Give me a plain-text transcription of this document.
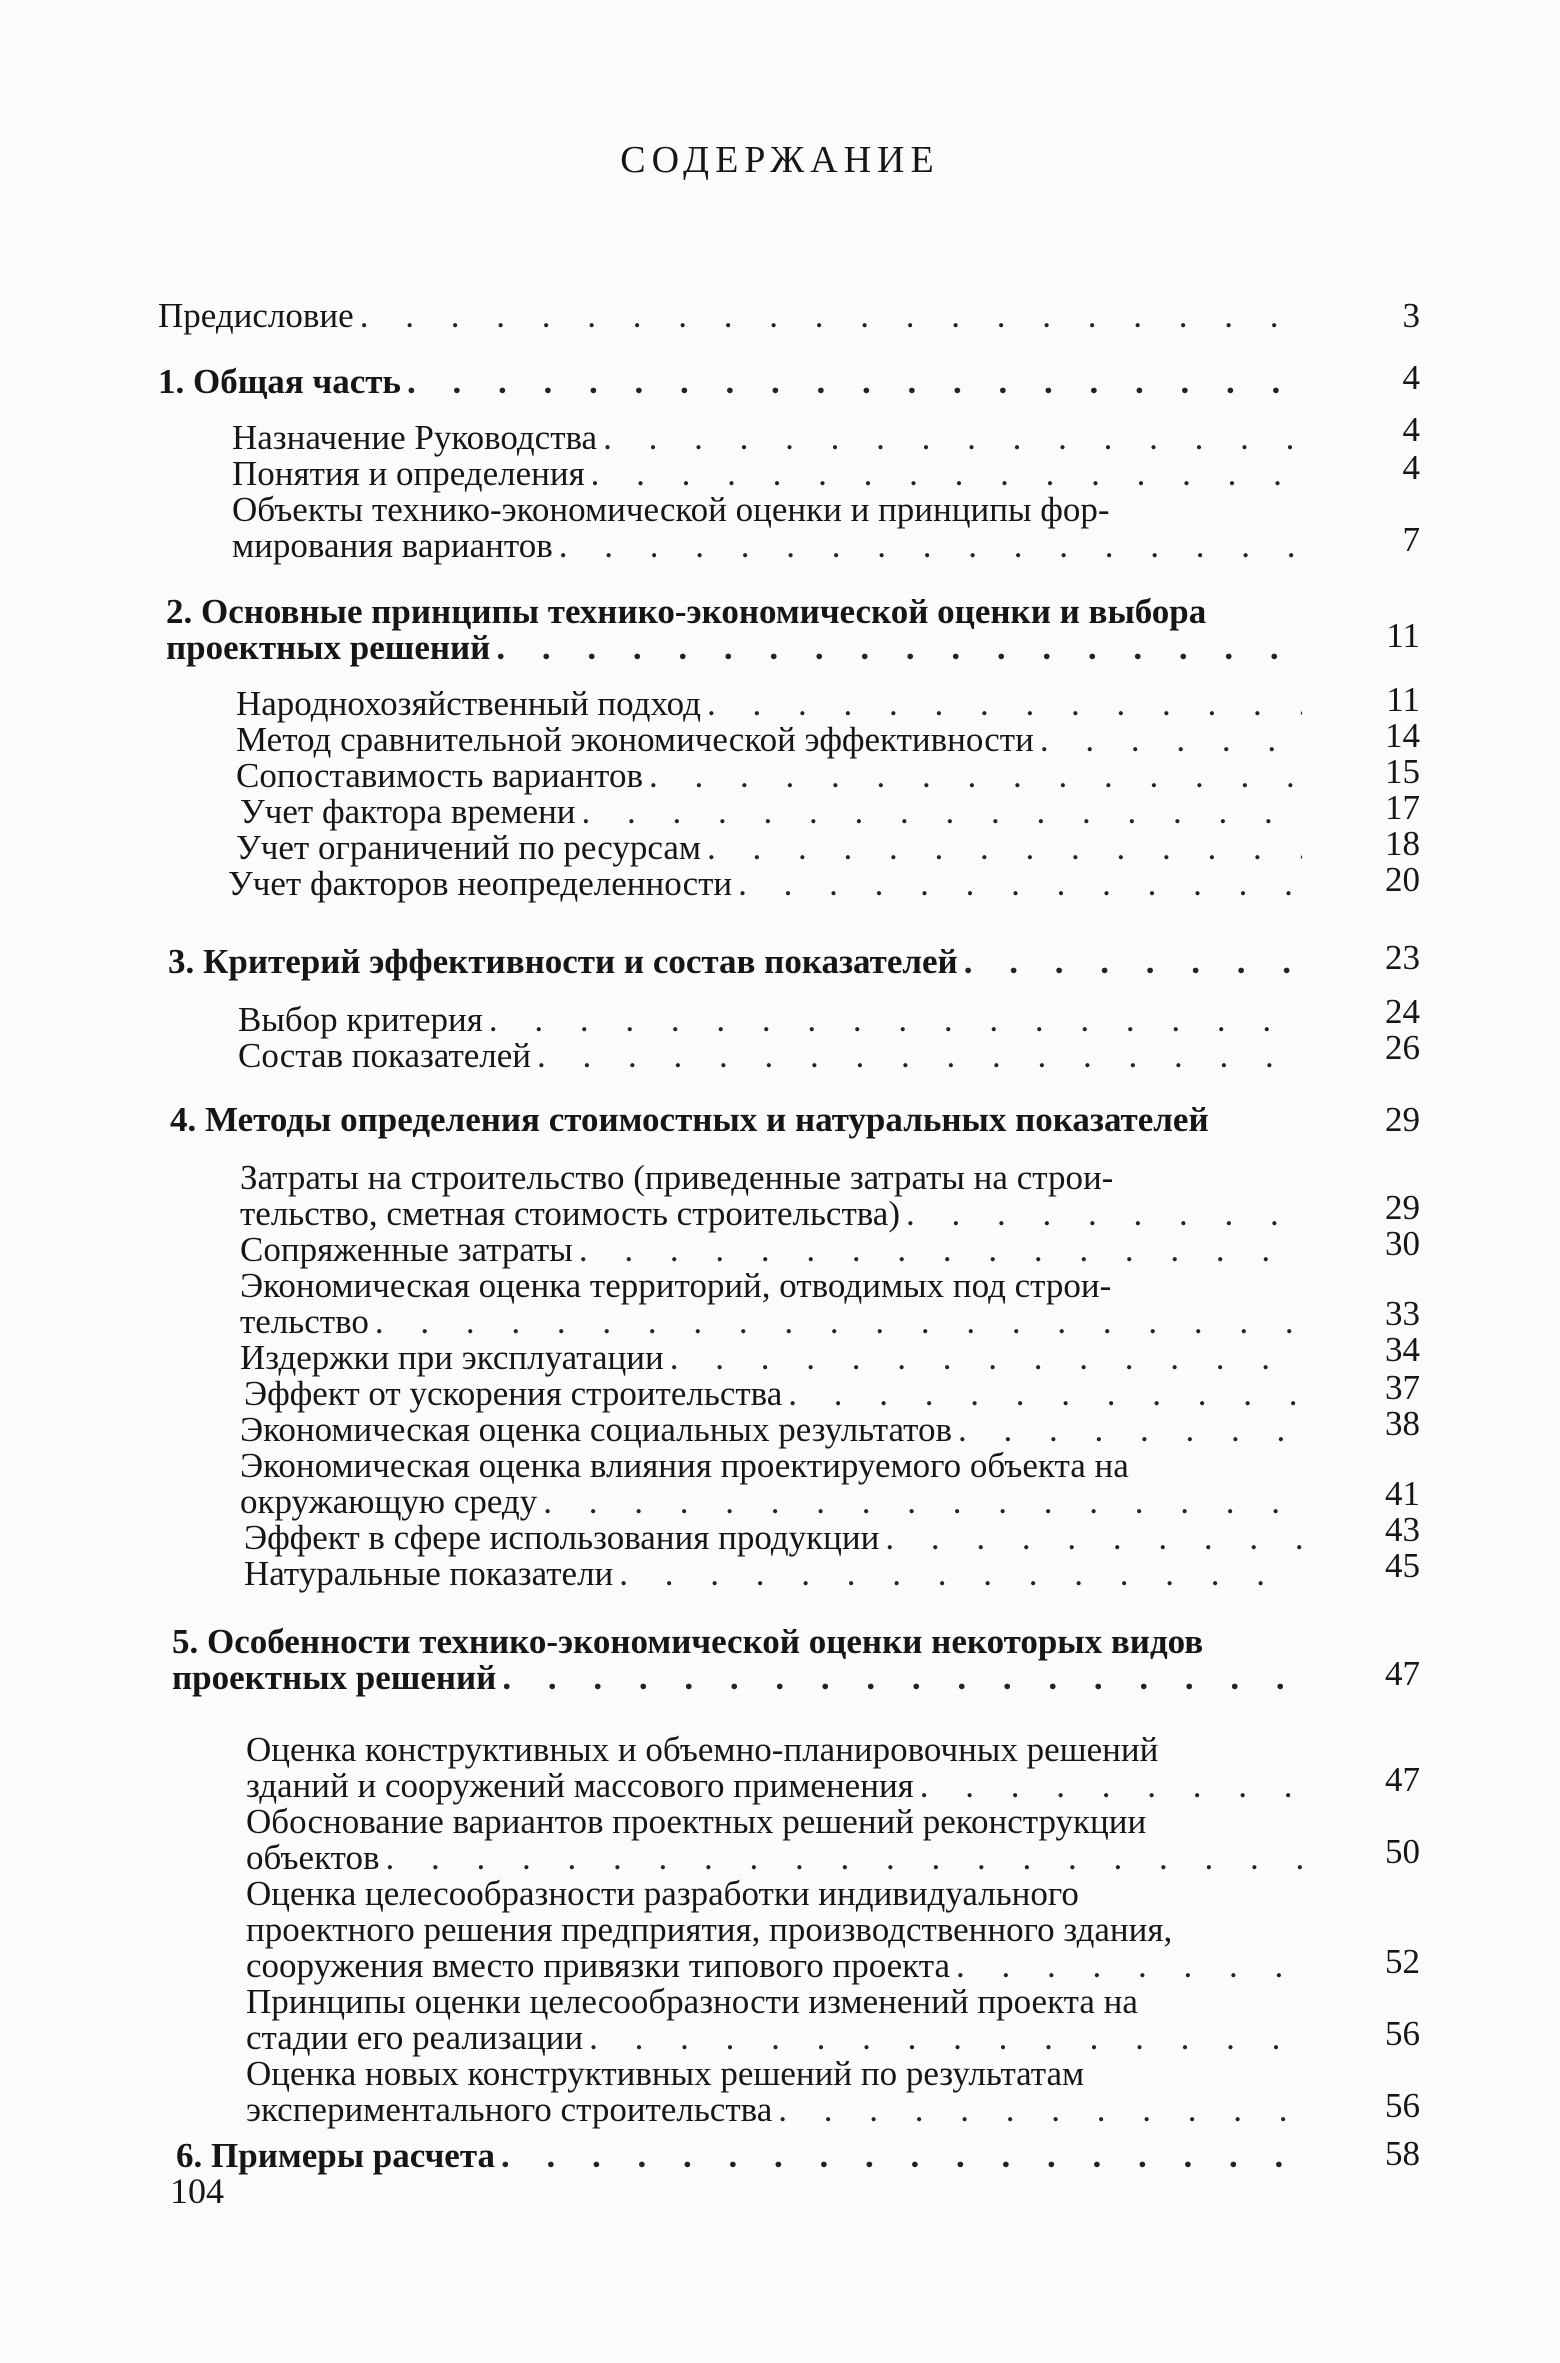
СОДЕРЖАНИЕ
Предисловие . . .	3
1. Общая часть . . .	4
Назначение Руководства . . .	4
Понятия и определения . . .	4
Объекты технико-экономической оценки и принципы фор-
мирования вариантов . . .	7
2. Основные принципы технико-экономической оценки и выбора
проектных решений . . .	11
Народнохозяйственный подход . . .	11
Метод сравнительной экономической эффективности . . .	14
Сопоставимость вариантов . . .	15
Учет фактора времени . . .	17
Учет ограничений по ресурсам . . .	18
Учет факторов неопределенности . . .	20
3. Критерий эффективности и состав показателей . . .	23
Выбор критерия . . .	24
Состав показателей . . .	26
4. Методы определения стоимостных и натуральных показателей	29
Затраты на строительство (приведенные затраты на строи-
тельство, сметная стоимость строительства) . . .	29
Сопряженные затраты . . .	30
Экономическая оценка территорий, отводимых под строи-
тельство . . .	33
Издержки при эксплуатации . . .	34
Эффект от ускорения строительства . . .	37
Экономическая оценка социальных результатов . . .	38
Экономическая оценка влияния проектируемого объекта на
окружающую среду . . .	41
Эффект в сфере использования продукции . . .	43
Натуральные показатели . . .	45
5. Особенности технико-экономической оценки некоторых видов
проектных решений . . .	47
Оценка конструктивных и объемно-планировочных решений
зданий и сооружений массового применения . . .	47
Обоснование вариантов проектных решений реконструкции
объектов . . .	50
Оценка целесообразности разработки индивидуального
проектного решения предприятия, производственного здания,
сооружения вместо привязки типового проекта . . .	52
Принципы оценки целесообразности изменений проекта на
стадии его реализации . . .	56
Оценка новых конструктивных решений по результатам
экспериментального строительства . . .	56
6. Примеры расчета . . .	58
104
